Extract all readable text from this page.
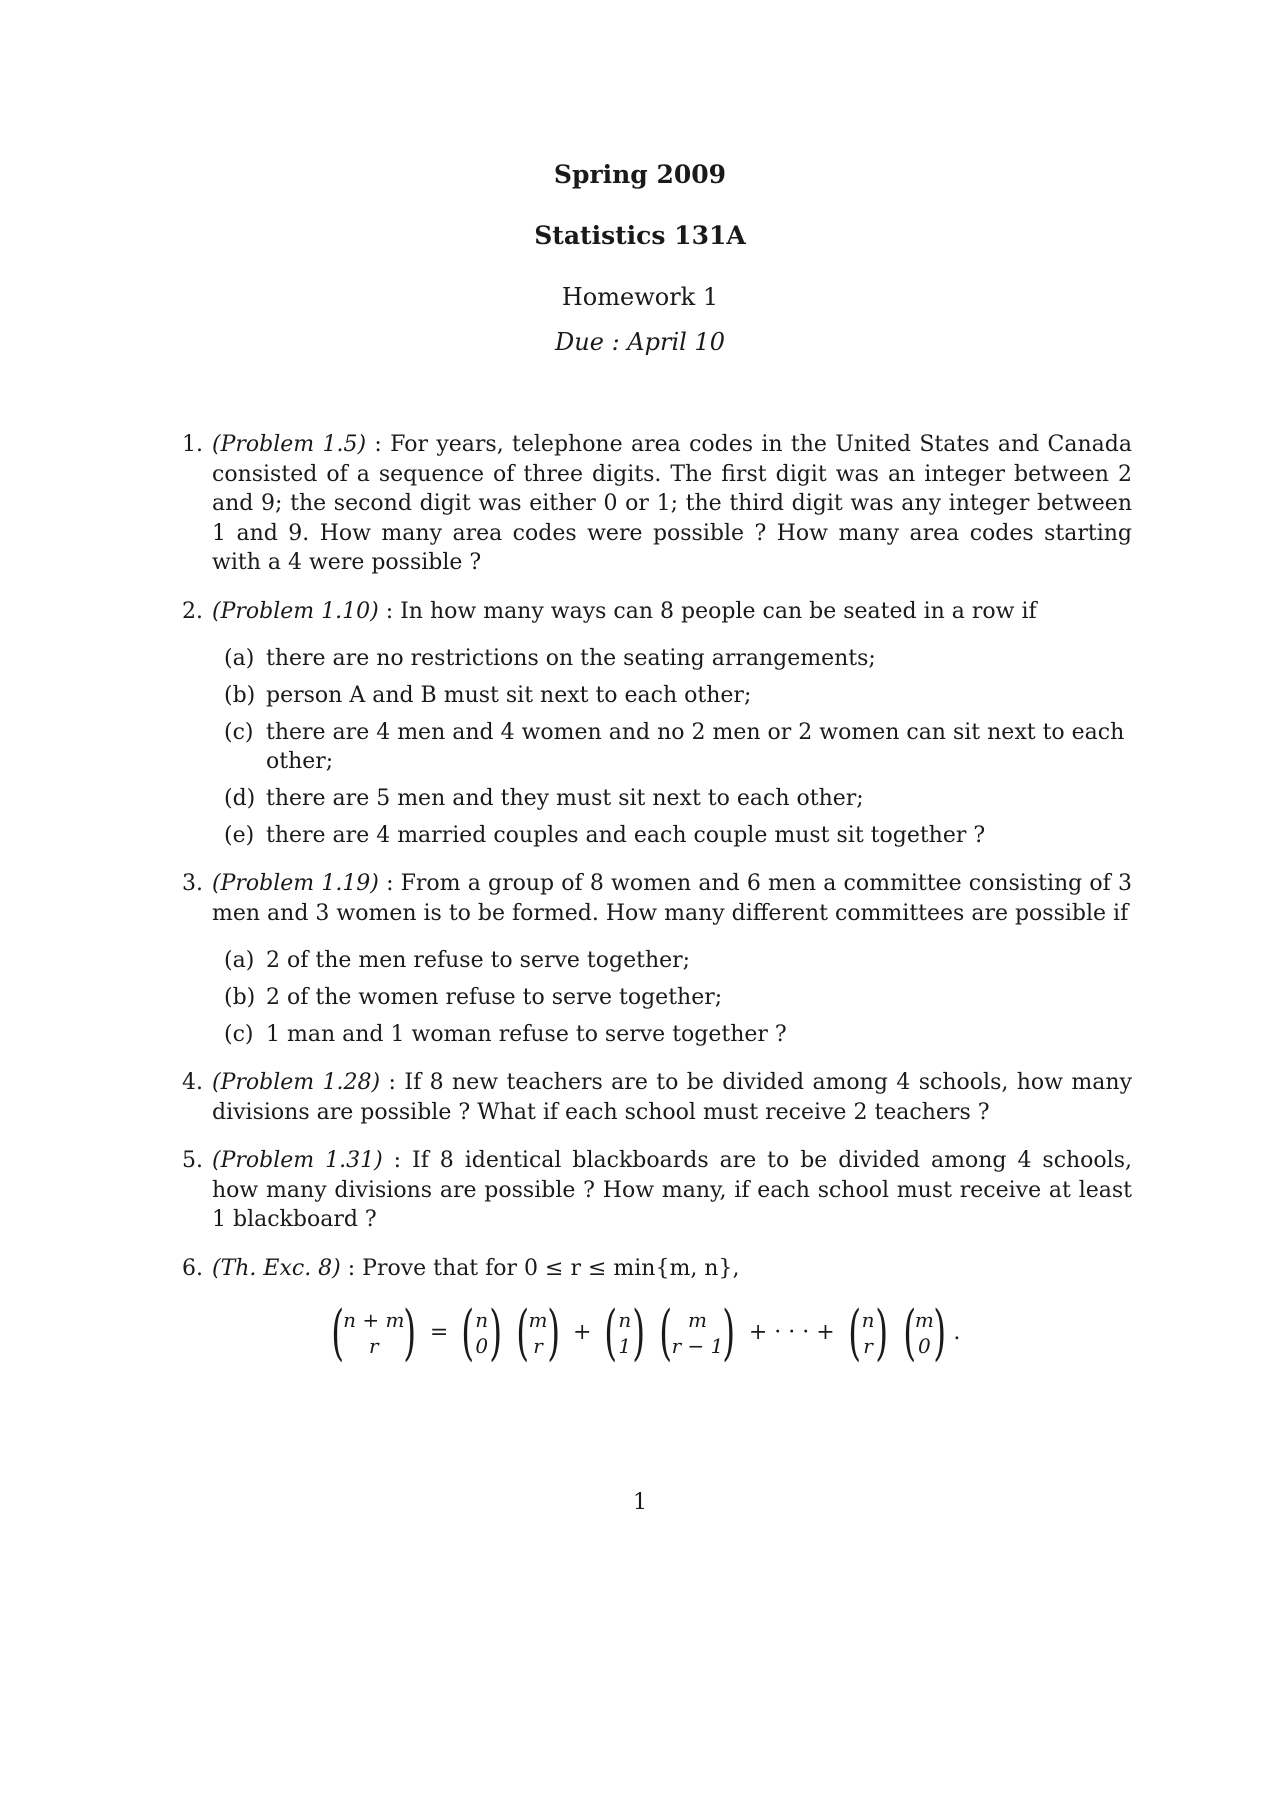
Spring 2009
Statistics 131A
Homework 1
Due : April 10
1. (Problem 1.5) : For years, telephone area codes in the United States and Canada consisted of a sequence of three digits. The first digit was an integer between 2 and 9; the second digit was either 0 or 1; the third digit was any integer between 1 and 9. How many area codes were possible ? How many area codes starting with a 4 were possible ?
2. (Problem 1.10) : In how many ways can 8 people can be seated in a row if
(a) there are no restrictions on the seating arrangements;
(b) person A and B must sit next to each other;
(c) there are 4 men and 4 women and no 2 men or 2 women can sit next to each other;
(d) there are 5 men and they must sit next to each other;
(e) there are 4 married couples and each couple must sit together ?
3. (Problem 1.19) : From a group of 8 women and 6 men a committee consisting of 3 men and 3 women is to be formed. How many different committees are possible if
(a) 2 of the men refuse to serve together;
(b) 2 of the women refuse to serve together;
(c) 1 man and 1 woman refuse to serve together ?
4. (Problem 1.28) : If 8 new teachers are to be divided among 4 schools, how many divisions are possible ? What if each school must receive 2 teachers ?
5. (Problem 1.31) : If 8 identical blackboards are to be divided among 4 schools, how many divisions are possible ? How many, if each school must receive at least 1 blackboard ?
6. (Th. Exc. 8) : Prove that for 0 ≤ r ≤ min{m, n},
( n + m
r ) = ( n
0 ) ( m
r ) + ( n
1 ) ( m
r − 1 ) + · · · + ( n
r ) ( m
0 ) .
1
